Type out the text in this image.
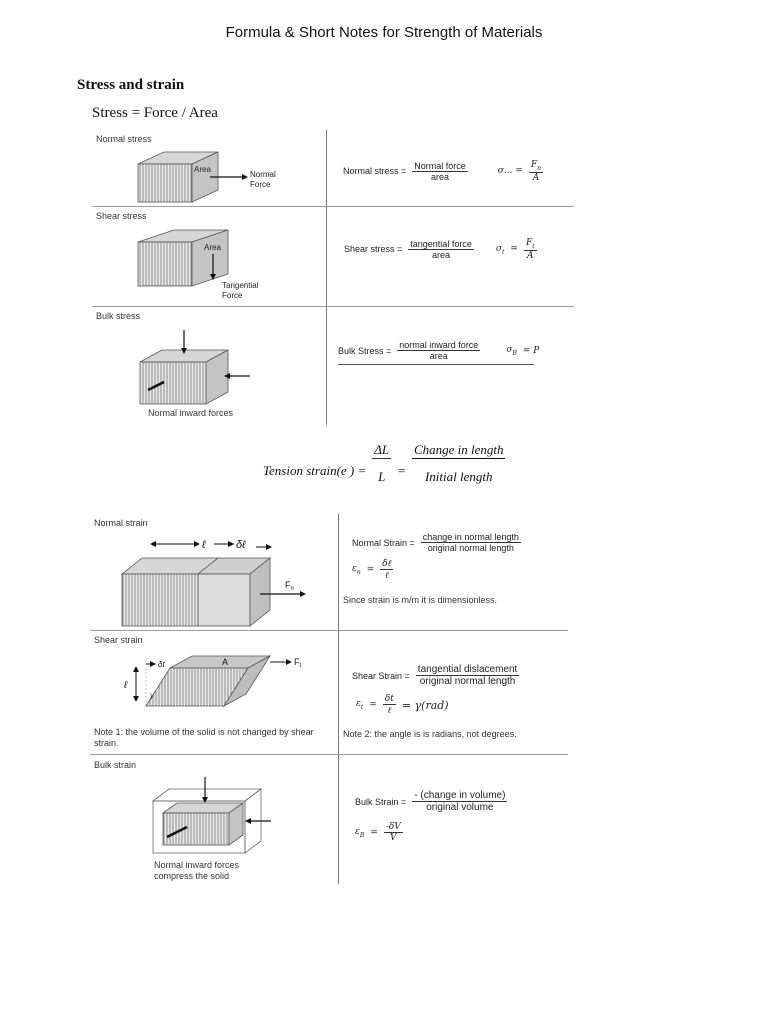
Formula & Short Notes for Strength of Materials
Stress and strain
Stress = Force / Area
Normal stress
Area
Normal
Force
Normal stress = $\frac{\text{Normal force}}{\text{area}}$	σ... = $\frac{F_n}{A}$
Shear stress
Area
Tangential
Force
Shear stress = $\frac{\text{tangential force}}{\text{area}} \sigma_t = \frac{F_t}{A}$
Bulk stress
Normal inward forces
Bulk Stress = $\frac{\text{normal inward force}}{\text{area}}$	$\sigma_B = P$
Tension strain(e ) = $\frac{\Delta L}{L} = \frac{\text{Change in length}}{\text{Initial length}}$
Normal strain
ℓ	δℓ
$F_n$
Normal Strain = $\frac{\text{change in normal length}}{\text{original normal length}}$
$\varepsilon_n = \frac{\text{δℓ}}{\text{ℓ}}$
Since strain is m/m it is dimensionless.
Shear strain
ℓ
δt	A
γ
$F_t$
Note 1: the volume of the solid is not changed by shear strain.
Shear Strain = $\frac{\text{tangential dislacement}}{\text{original normal length}}$
$\varepsilon_t = \frac{\delta t}{\text{ℓ}} = \gamma(rad)$
Note 2: the angle is is radians, not degrees.
Bulk strain
Normal inward forces
compress the solid
Bulk Strain = $\frac{\text{- (change in volume)}}{\text{original volume}}$
$\varepsilon_B = \frac{-\delta V}{V}$
